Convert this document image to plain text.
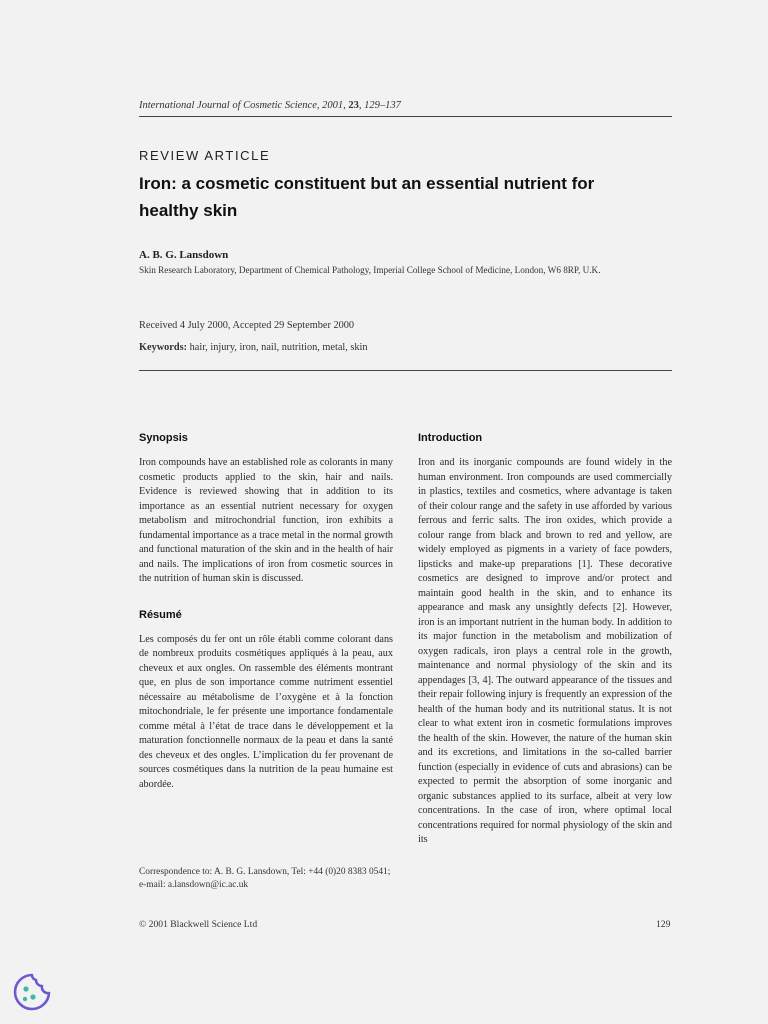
International Journal of Cosmetic Science, 2001, 23, 129–137
REVIEW ARTICLE
Iron: a cosmetic constituent but an essential nutrient for healthy skin
A. B. G. Lansdown
Skin Research Laboratory, Department of Chemical Pathology, Imperial College School of Medicine, London, W6 8RP, U.K.
Received 4 July 2000, Accepted 29 September 2000
Keywords: hair, injury, iron, nail, nutrition, metal, skin
Synopsis

Iron compounds have an established role as colorants in many cosmetic products applied to the skin, hair and nails. Evidence is reviewed showing that in addition to its importance as an essential nutrient necessary for oxygen metabolism and mitrochondrial function, iron exhibits a fundamental importance as a trace metal in the normal growth and functional maturation of the skin and in the health of hair and nails. The implications of iron from cosmetic sources in the nutrition of human skin is discussed.

Résumé

Les composés du fer ont un rôle établi comme colorant dans de nombreux produits cosmétiques appliqués à la peau, aux cheveux et aux ongles. On rassemble des éléments montrant que, en plus de son importance comme nutriment essentiel nécessaire au métabolisme de l’oxygène et à la fonction mitochondriale, le fer présente une importance fondamentale comme métal à l’état de trace dans le développement et la maturation fonctionnelle normaux de la peau et dans la santé des cheveux et des ongles. L’implication du fer provenant de sources cosmétiques dans la nutrition de la peau humaine est abordée.

Correspondence to: A. B. G. Lansdown, Tel: +44 (0)20 8383 0541; e-mail: a.lansdown@ic.ac.uk
Introduction

Iron and its inorganic compounds are found widely in the human environment. Iron compounds are used commercially in plastics, textiles and cosmetics, where advantage is taken of their colour range and the safety in use afforded by various ferrous and ferric salts. The iron oxides, which provide a colour range from black and brown to red and yellow, are widely employed as pigments in a variety of face powders, lipsticks and make-up preparations [1]. These decorative cosmetics are designed to improve and/or protect and maintain good health in the skin, and to enhance its appearance and mask any unsightly defects [2]. However, iron is an important nutrient in the human body. In addition to its major function in the metabolism and mobilization of oxygen radicals, iron plays a central role in the growth, maintenance and normal physiology of the skin and its appendages [3, 4]. The outward appearance of the tissues and their repair following injury is frequently an expression of the health of the human body and its nutritional status. It is not clear to what extent iron in cosmetic formulations improves the health of the skin. However, the nature of the human skin and its excretions, and limitations in the so-called barrier function (especially in evidence of cuts and abrasions) can be expected to permit the absorption of some inorganic and organic substances applied to its surface, albeit at very low concentrations. In the case of iron, where optimal local concentrations required for normal physiology of the skin and its

© 2001 Blackwell Science Ltd	129
